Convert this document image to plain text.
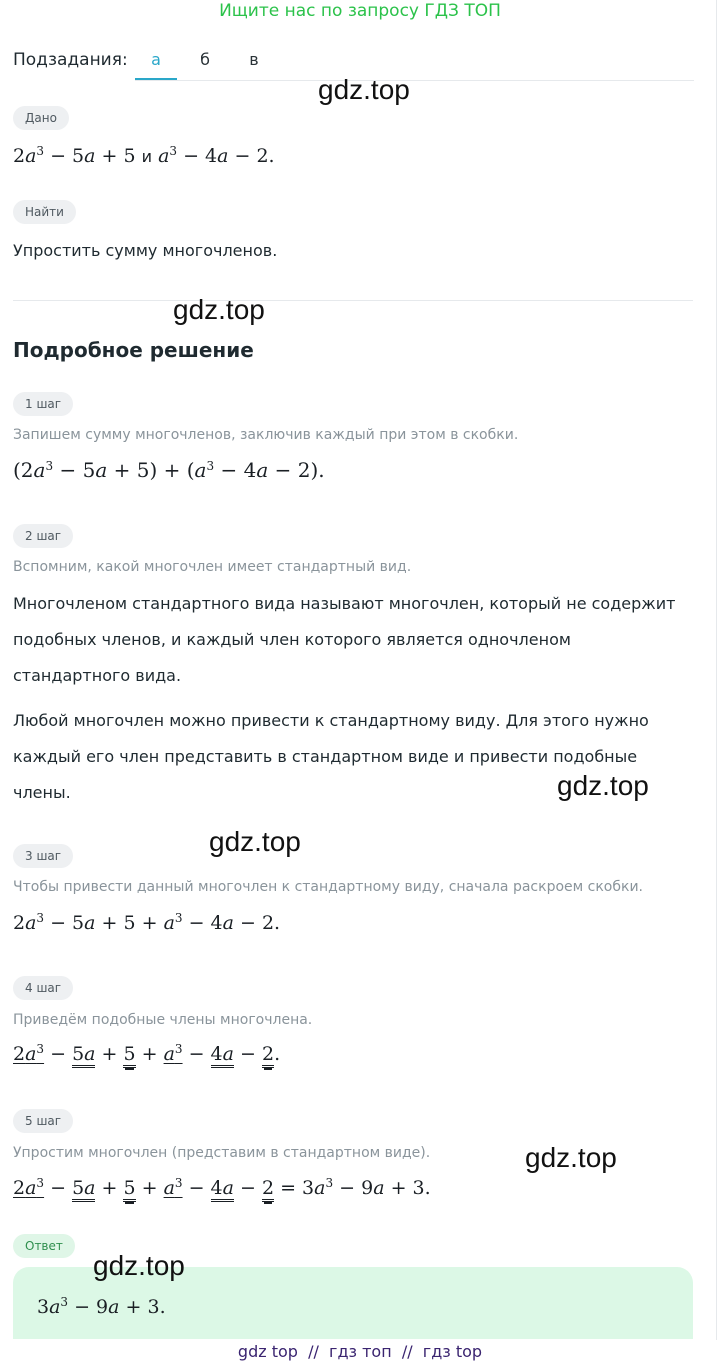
Ищите нас по запросу ГДЗ ТОП
Подзадания:	а	б	в
gdz.top
Дано
$2a^3 - 5a + 5$ и $a^3 - 4a - 2$.
Найти
Упростить сумму многочленов.
gdz.top
Подробное решение
1 шаг
Запишем сумму многочленов, заключив каждый при этом в скобки.
$(2a^3 - 5a + 5) + (a^3 - 4a - 2)$.
2 шаг
Вспомним, какой многочлен имеет стандартный вид.
Многочленом стандартного вида называют многочлен, который не содержит
подобных членов, и каждый член которого является одночленом
стандартного вида.
Любой многочлен можно привести к стандартному виду. Для этого нужно
каждый его член представить в стандартном виде и привести подобные
члены.	gdz.top
gdz.top
3 шаг
Чтобы привести данный многочлен к стандартному виду, сначала раскроем скобки.
$2a^3 - 5a + 5 + a^3 - 4a - 2$.
4 шаг
Приведём подобные члены многочлена.
$2a^3 - 5a + 5 + a^3 - 4a - 2$.
5 шаг
Упростим многочлен (представим в стандартном виде).	gdz.top
$2a^3 - 5a + 5 + a^3 - 4a - 2 = 3a^3 - 9a + 3$.
Ответ
$3a^3 - 9a + 3$.
gdz.top
gdz top  //  гдз топ  //  гдз top
